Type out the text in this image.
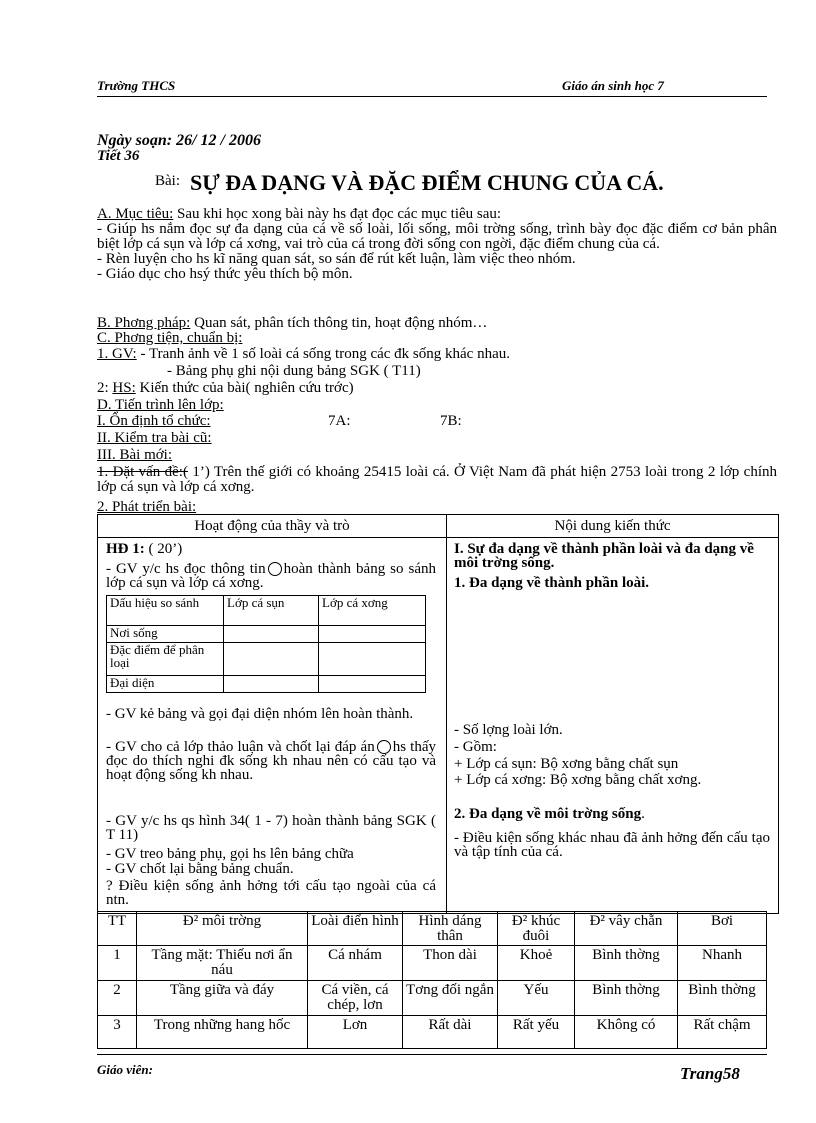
Trường THCS	Giáo án sinh học 7
Ngày soạn: 26/ 12 / 2006
Tiết 36
Bài: SỰ ĐA DẠNG VÀ ĐẶC ĐIỂM CHUNG CỦA CÁ.
A. Mục tiêu: Sau khi học xong bài này hs đạt đọc các mục tiêu sau:
- Giúp hs nắm đọc sự đa dạng của cá về số loài, lối sống, môi trờng sống, trình bày đọc đặc điểm cơ bản phân biệt lớp cá sụn và lớp cá xơng, vai trò của cá trong đời sống con ngời, đặc điểm chung của cá.
- Rèn luyện cho hs kĩ năng quan sát, so sán để rút kết luận, làm việc theo nhóm.
- Giáo dục cho hsý thức yêu thích bộ môn.
B. Phơng pháp: Quan sát, phân tích thông tin, hoạt động nhóm…
C. Phơng tiện, chuẩn bị:
1. GV: - Tranh ảnh về 1 số loài cá sống trong các đk sống khác nhau.
- Bảng phụ ghi nội dung bảng SGK ( T11)
2: HS: Kiến thức của bài( nghiên cứu trớc)
D. Tiến trình lên lớp:
I. Ổn định tổ chức:	7A:	7B:
II. Kiểm tra bài cũ:
III. Bài mới:
1. Đặt vấn đề:( 1’) Trên thế giới có khoảng 25415 loài cá. Ở Việt Nam đã phát hiện 2753 loài trong 2 lớp chính lớp cá sụn và lớp cá xơng.
2. Phát triển bài:
Hoạt động của thầy và trò	Nội dung kiến thức
HĐ 1: ( 20’)
- GV y/c hs đọc thông tin hoàn thành bảng so sánh lớp cá sụn và lớp cá xơng.
Dấu hiệu so sánh	Lớp cá sụn	Lớp cá xơng
Nơi sống		
Đặc điểm để phân loại		
Đại diện		
- GV kẻ bảng và gọi đại diện nhóm lên hoàn thành.
- GV cho cả lớp thảo luận và chốt lại đáp án hs thấy đọc do thích nghi đk sống kh nhau nên có cấu tạo và hoạt động sống kh nhau.
- GV y/c hs qs hình 34( 1 - 7) hoàn thành bảng SGK ( T 11)
- GV treo bảng phụ, gọi hs lên bảng chữa
- GV chốt lại bằng bảng chuẩn.
? Điều kiện sống ảnh hởng tới cấu tạo ngoài của cá ntn.
I. Sự đa dạng về thành phần loài và đa dạng về môi trờng sống.
1. Đa dạng về thành phần loài.
- Số lợng loài lớn.
- Gồm:
+ Lớp cá sụn: Bộ xơng bằng chất sụn
+ Lớp cá xơng: Bộ xơng bằng chất xơng.
2. Đa dạng về môi trờng sống.
- Điều kiện sống khác nhau đã ảnh hởng đến cấu tạo và tập tính của cá.
TT	Đ² môi trờng	Loài điển hình	Hình dáng thân	Đ² khúc đuôi	Đ² vây chẵn	Bơi
1	Tầng mặt: Thiếu nơi ẩn náu	Cá nhám	Thon dài	Khoẻ	Bình thờng	Nhanh
2	Tầng giữa và đáy	Cá viền, cá chép, lơn	Tơng đối ngắn	Yếu	Bình thờng	Bình thờng
3	Trong những hang hốc	Lơn	Rất dài	Rất yếu	Không có	Rất chậm
Giáo viên:	Trang58
